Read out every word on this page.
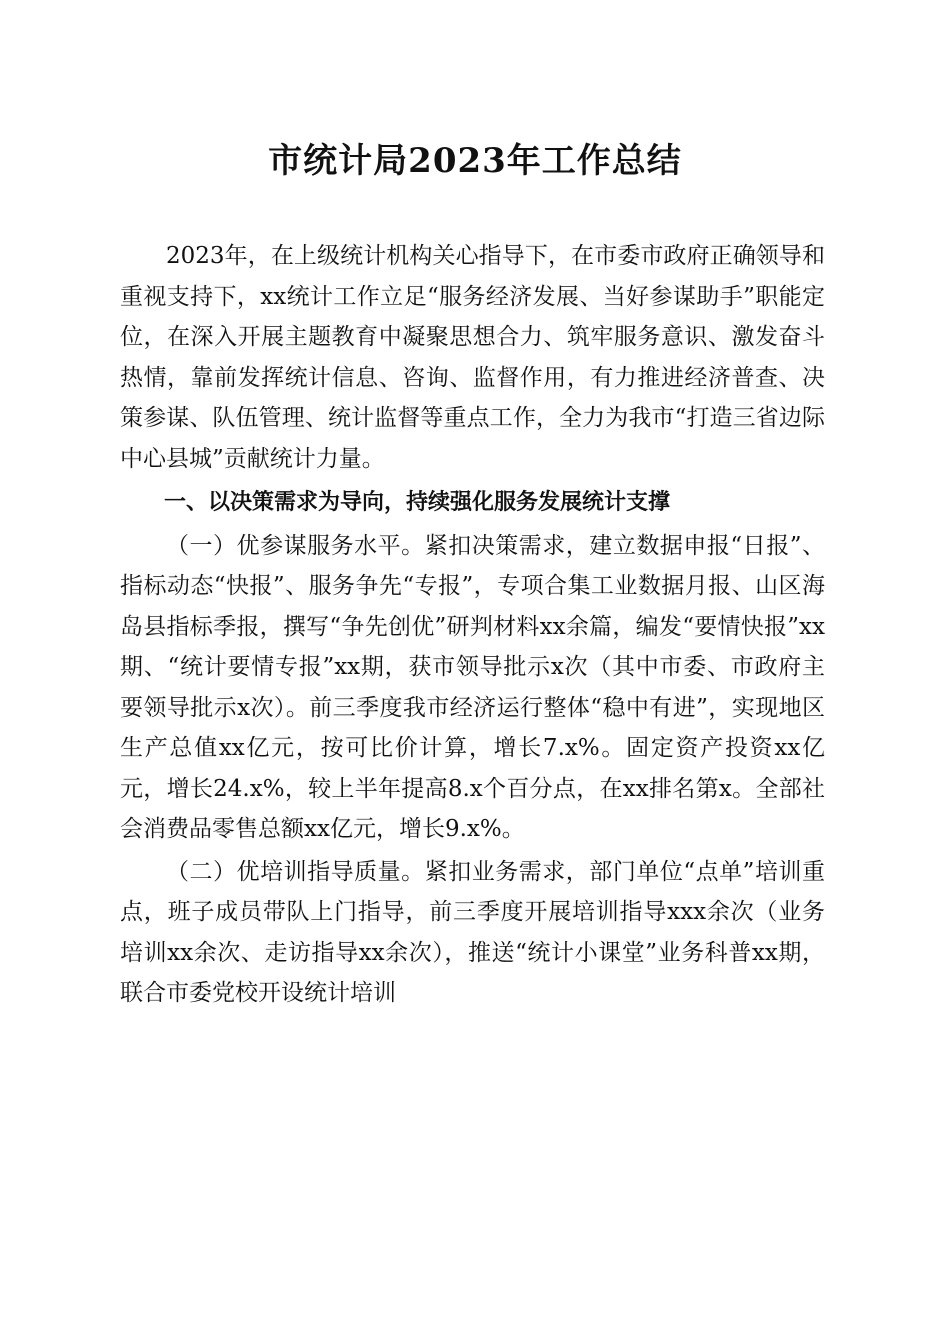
市统计局2023年工作总结

2023年，在上级统计机构关心指导下，在市委市政府正确领导和重视支持下，xx统计工作立足“服务经济发展、当好参谋助手”职能定位，在深入开展主题教育中凝聚思想合力、筑牢服务意识、激发奋斗热情，靠前发挥统计信息、咨询、监督作用，有力推进经济普查、决策参谋、队伍管理、统计监督等重点工作，全力为我市“打造三省边际中心县城”贡献统计力量。

一、以决策需求为导向，持续强化服务发展统计支撑

（一）优参谋服务水平。紧扣决策需求，建立数据申报“日报”、指标动态“快报”、服务争先“专报”，专项合集工业数据月报、山区海岛县指标季报，撰写“争先创优”研判材料xx余篇，编发“要情快报”xx期、“统计要情专报”xx期，获市领导批示x次（其中市委、市政府主要领导批示x次）。前三季度我市经济运行整体“稳中有进”，实现地区生产总值xx亿元，按可比价计算，增长7.x%。固定资产投资xx亿元，增长24.x%，较上半年提高8.x个百分点，在xx排名第x。全部社会消费品零售总额xx亿元，增长9.x%。

（二）优培训指导质量。紧扣业务需求，部门单位“点单”培训重点，班子成员带队上门指导，前三季度开展培训指导xxx余次（业务培训xx余次、走访指导xx余次），推送“统计小课堂”业务科普xx期，联合市委党校开设统计培训
